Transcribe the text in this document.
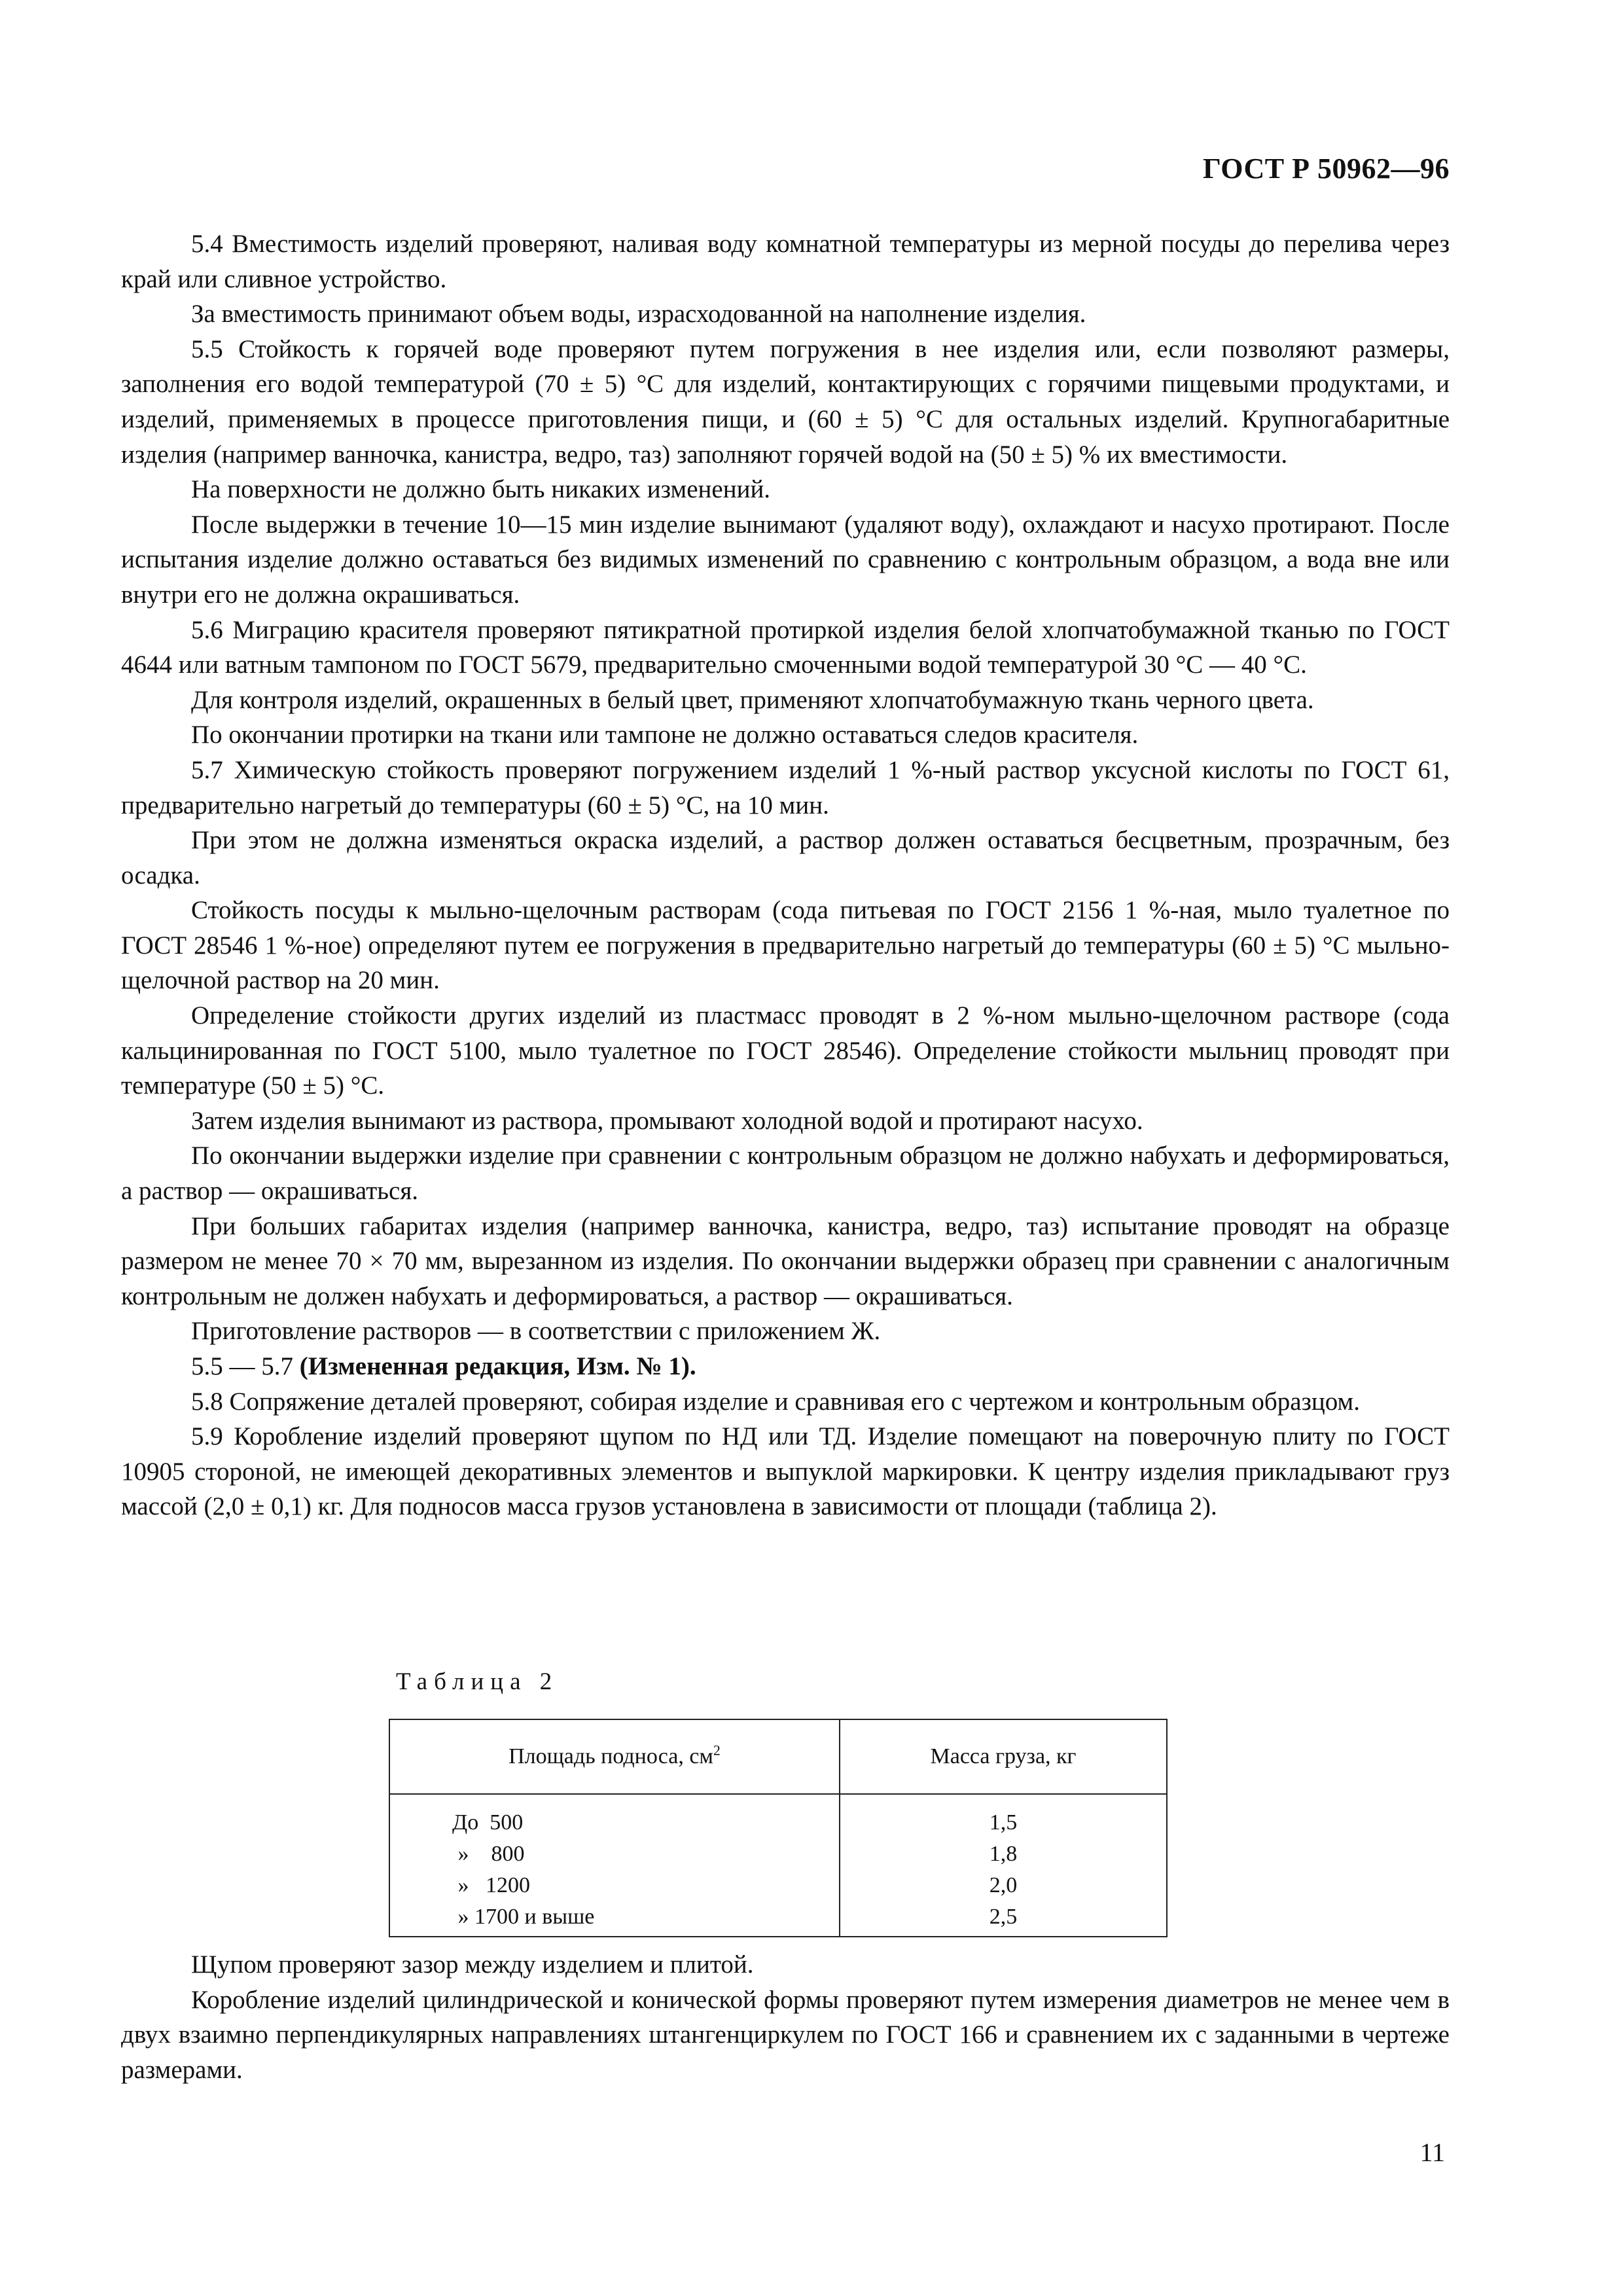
ГОСТ Р 50962—96

5.4 Вместимость изделий проверяют, наливая воду комнатной температуры из мерной посуды до перелива через край или сливное устройство.

За вместимость принимают объем воды, израсходованной на наполнение изделия.

5.5 Стойкость к горячей воде проверяют путем погружения в нее изделия или, если позволяют размеры, заполнения его водой температурой (70 ± 5) °С для изделий, контактирующих с горячими пищевыми продуктами, и изделий, применяемых в процессе приготовления пищи, и (60 ± 5) °С для остальных изделий. Крупногабаритные изделия (например ванночка, канистра, ведро, таз) заполняют горячей водой на (50 ± 5) % их вместимости.

На поверхности не должно быть никаких изменений.

После выдержки в течение 10—15 мин изделие вынимают (удаляют воду), охлаждают и насухо протирают. После испытания изделие должно оставаться без видимых изменений по сравнению с контрольным образцом, а вода вне или внутри его не должна окрашиваться.

5.6 Миграцию красителя проверяют пятикратной протиркой изделия белой хлопчатобумажной тканью по ГОСТ 4644 или ватным тампоном по ГОСТ 5679, предварительно смоченными водой температурой 30 °С — 40 °С.

Для контроля изделий, окрашенных в белый цвет, применяют хлопчатобумажную ткань черного цвета.

По окончании протирки на ткани или тампоне не должно оставаться следов красителя.

5.7 Химическую стойкость проверяют погружением изделий 1 %-ный раствор уксусной кислоты по ГОСТ 61, предварительно нагретый до температуры (60 ± 5) °С, на 10 мин.

При этом не должна изменяться окраска изделий, а раствор должен оставаться бесцветным, прозрачным, без осадка.

Стойкость посуды к мыльно-щелочным растворам (сода питьевая по ГОСТ 2156 1 %-ная, мыло туалетное по ГОСТ 28546 1 %-ное) определяют путем ее погружения в предварительно нагретый до температуры (60 ± 5) °С мыльно-щелочной раствор на 20 мин.

Определение стойкости других изделий из пластмасс проводят в 2 %-ном мыльно-щелочном растворе (сода кальцинированная по ГОСТ 5100, мыло туалетное по ГОСТ 28546). Определение стойкости мыльниц проводят при температуре (50 ± 5) °С.

Затем изделия вынимают из раствора, промывают холодной водой и протирают насухо.

По окончании выдержки изделие при сравнении с контрольным образцом не должно набухать и деформироваться, а раствор — окрашиваться.

При больших габаритах изделия (например ванночка, канистра, ведро, таз) испытание проводят на образце размером не менее 70 × 70 мм, вырезанном из изделия. По окончании выдержки образец при сравнении с аналогичным контрольным не должен набухать и деформироваться, а раствор — окрашиваться.

Приготовление растворов — в соответствии с приложением Ж.

5.5 — 5.7 (Измененная редакция, Изм. № 1).

5.8 Сопряжение деталей проверяют, собирая изделие и сравнивая его с чертежом и контрольным образцом.

5.9 Коробление изделий проверяют щупом по НД или ТД. Изделие помещают на поверочную плиту по ГОСТ 10905 стороной, не имеющей декоративных элементов и выпуклой маркировки. К центру изделия прикладывают груз массой (2,0 ± 0,1) кг. Для подносов масса грузов установлена в зависимости от площади (таблица 2).

Таблица 2
Площадь подноса, $см^2$	Масса груза, кг
До  500	1,5
»    800	1,8
»   1200	2,0
» 1700 и выше	2,5

Щупом проверяют зазор между изделием и плитой.

Коробление изделий цилиндрической и конической формы проверяют путем измерения диаметров не менее чем в двух взаимно перпендикулярных направлениях штангенциркулем по ГОСТ 166 и сравнением их с заданными в чертеже размерами.

11
